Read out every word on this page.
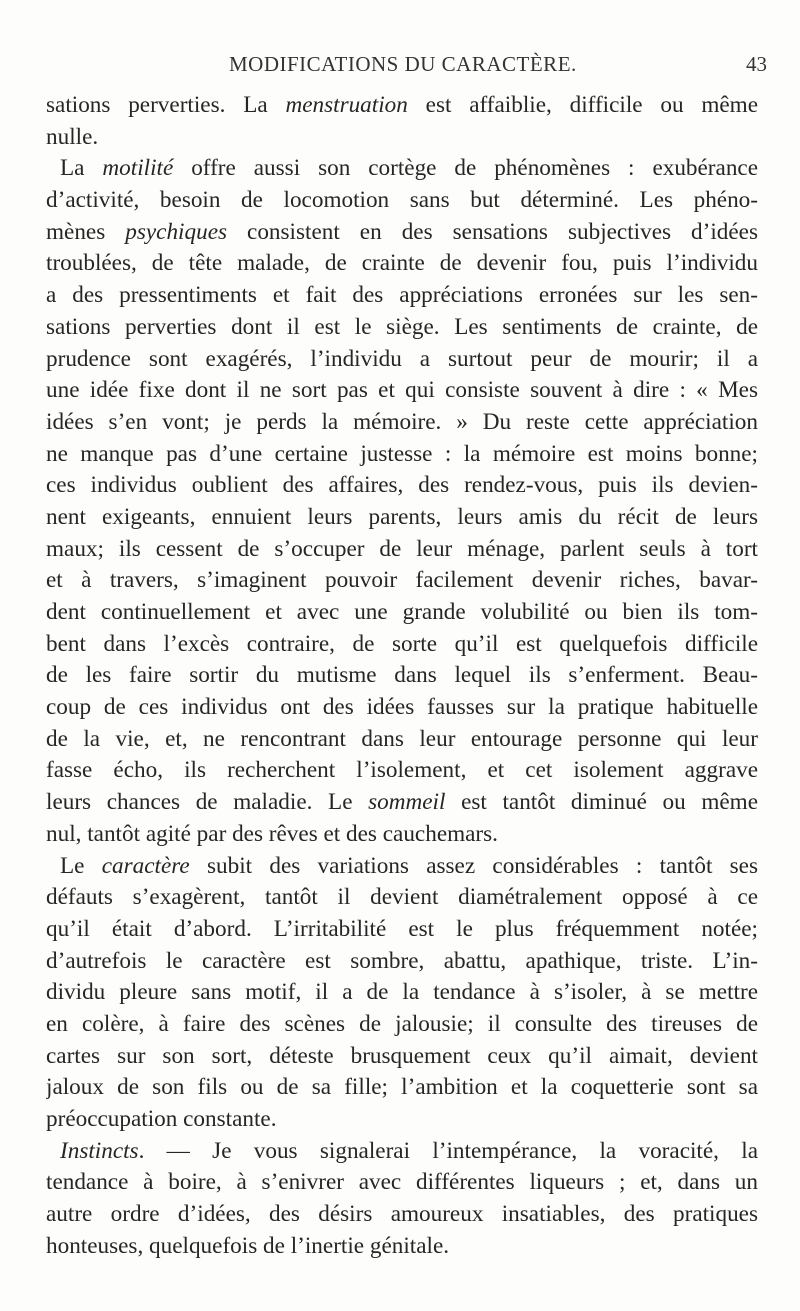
MODIFICATIONS DU CARACTÈRE.	43
sations perverties. La menstruation est affaiblie, difficile ou même
nulle.
La motilité offre aussi son cortège de phénomènes : exubérance
d’activité, besoin de locomotion sans but déterminé. Les phéno-
mènes psychiques consistent en des sensations subjectives d’idées
troublées, de tête malade, de crainte de devenir fou, puis l’individu
a des pressentiments et fait des appréciations erronées sur les sen-
sations perverties dont il est le siège. Les sentiments de crainte, de
prudence sont exagérés, l’individu a surtout peur de mourir; il a
une idée fixe dont il ne sort pas et qui consiste souvent à dire : « Mes
idées s’en vont; je perds la mémoire. » Du reste cette appréciation
ne manque pas d’une certaine justesse : la mémoire est moins bonne;
ces individus oublient des affaires, des rendez-vous, puis ils devien-
nent exigeants, ennuient leurs parents, leurs amis du récit de leurs
maux; ils cessent de s’occuper de leur ménage, parlent seuls à tort
et à travers, s’imaginent pouvoir facilement devenir riches, bavar-
dent continuellement et avec une grande volubilité ou bien ils tom-
bent dans l’excès contraire, de sorte qu’il est quelquefois difficile
de les faire sortir du mutisme dans lequel ils s’enferment. Beau-
coup de ces individus ont des idées fausses sur la pratique habituelle
de la vie, et, ne rencontrant dans leur entourage personne qui leur
fasse écho, ils recherchent l’isolement, et cet isolement aggrave
leurs chances de maladie. Le sommeil est tantôt diminué ou même
nul, tantôt agité par des rêves et des cauchemars.
Le caractère subit des variations assez considérables : tantôt ses
défauts s’exagèrent, tantôt il devient diamétralement opposé à ce
qu’il était d’abord. L’irritabilité est le plus fréquemment notée;
d’autrefois le caractère est sombre, abattu, apathique, triste. L’in-
dividu pleure sans motif, il a de la tendance à s’isoler, à se mettre
en colère, à faire des scènes de jalousie; il consulte des tireuses de
cartes sur son sort, déteste brusquement ceux qu’il aimait, devient
jaloux de son fils ou de sa fille; l’ambition et la coquetterie sont sa
préoccupation constante.
Instincts. — Je vous signalerai l’intempérance, la voracité, la
tendance à boire, à s’enivrer avec différentes liqueurs ; et, dans un
autre ordre d’idées, des désirs amoureux insatiables, des pratiques
honteuses, quelquefois de l’inertie génitale.
